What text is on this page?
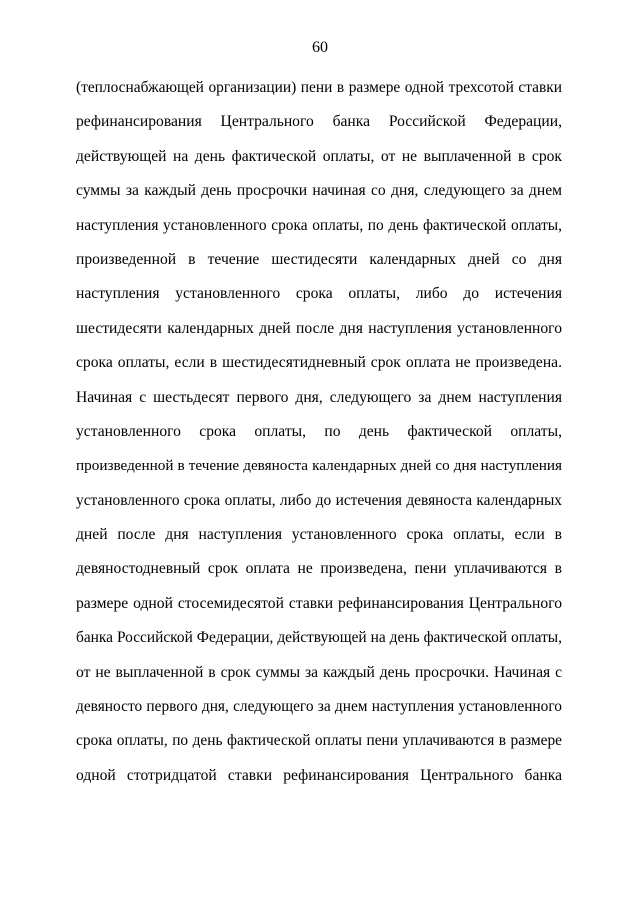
60
(теплоснабжающей организации) пени в размере одной трехсотой ставки
рефинансирования Центрального банка Российской Федерации,
действующей на день фактической оплаты, от не выплаченной в срок
суммы за каждый день просрочки начиная со дня, следующего за днем
наступления установленного срока оплаты, по день фактической оплаты,
произведенной в течение шестидесяти календарных дней со дня
наступления установленного срока оплаты, либо до истечения
шестидесяти календарных дней после дня наступления установленного
срока оплаты, если в шестидесятидневный срок оплата не произведена.
Начиная с шестьдесят первого дня, следующего за днем наступления
установленного срока оплаты, по день фактической оплаты,
произведенной в течение девяноста календарных дней со дня наступления
установленного срока оплаты, либо до истечения девяноста календарных
дней после дня наступления установленного срока оплаты, если в
девяностодневный срок оплата не произведена, пени уплачиваются в
размере одной стосемидесятой ставки рефинансирования Центрального
банка Российской Федерации, действующей на день фактической оплаты,
от не выплаченной в срок суммы за каждый день просрочки. Начиная с
девяносто первого дня, следующего за днем наступления установленного
срока оплаты, по день фактической оплаты пени уплачиваются в размере
одной стотридцатой ставки рефинансирования Центрального банка
